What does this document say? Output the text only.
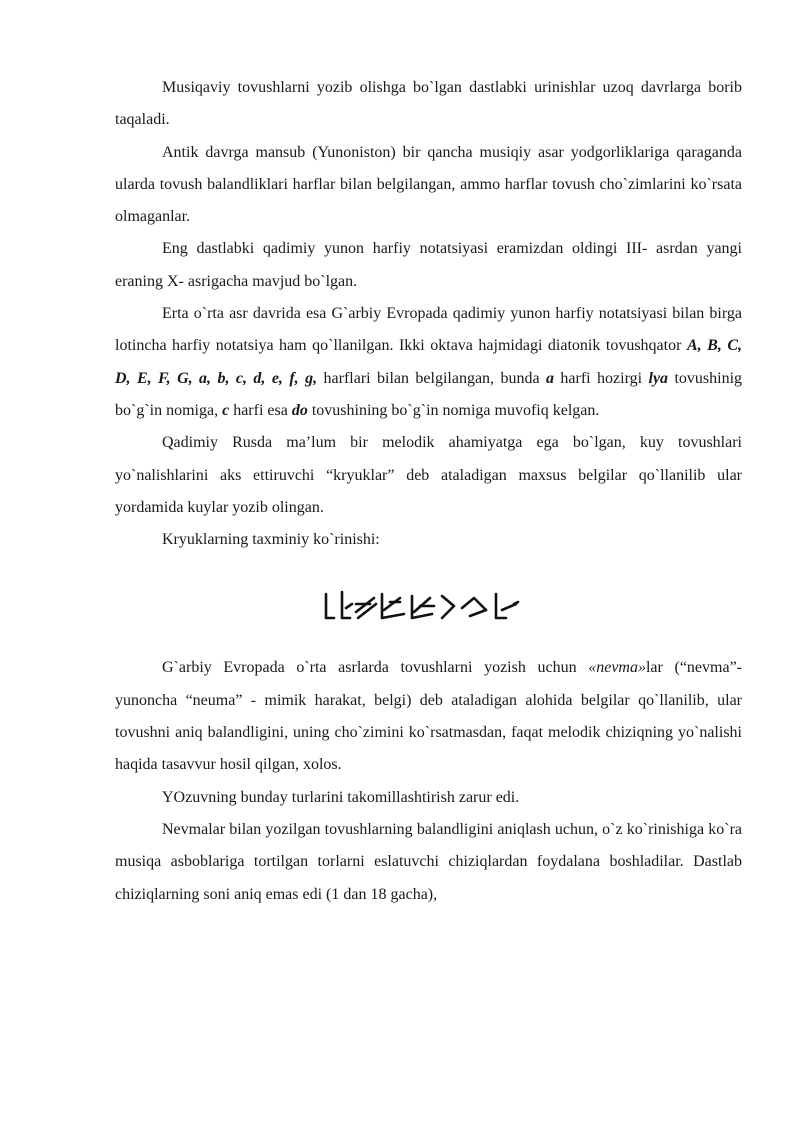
Musiqaviy tovushlarni yozib olishga bo`lgan dastlabki urinishlar uzoq davrlarga borib taqaladi.

Antik davrga mansub (Yunoniston) bir qancha musiqiy asar yodgorliklariga qaraganda ularda tovush balandliklari harflar bilan belgilangan, ammo harflar tovush cho`zimlarini ko`rsata olmaganlar.

Eng dastlabki qadimiy yunon harfiy notatsiyasi eramizdan oldingi III- asrdan yangi eraning X- asrigacha mavjud bo`lgan.

Erta o`rta asr davrida esa G`arbiy Evropada qadimiy yunon harfiy notatsiyasi bilan birga lotincha harfiy notatsiya ham qo`llanilgan. Ikki oktava hajmidagi diatonik tovushqator A, B, C, D, E, F, G, a, b, c, d, e, f, g, harflari bilan belgilangan, bunda a harfi hozirgi lya tovushinig bo`g`in nomiga, c harfi esa do tovushining bo`g`in nomiga muvofiq kelgan.

Qadimiy Rusda ma’lum bir melodik ahamiyatga ega bo`lgan, kuy tovushlari yo`nalishlarini aks ettiruvchi “kryuklar” deb ataladigan maxsus belgilar qo`llanilib ular yordamida kuylar yozib olingan.

Kryuklarning taxminiy ko`rinishi:

G`arbiy Evropada o`rta asrlarda tovushlarni yozish uchun «nevma»lar (“nevma”-yunoncha “neuma” - mimik harakat, belgi) deb ataladigan alohida belgilar qo`llanilib, ular tovushni aniq balandligini, uning cho`zimini ko`rsatmasdan, faqat melodik chiziqning yo`nalishi haqida tasavvur hosil qilgan, xolos.

YOzuvning bunday turlarini takomillashtirish zarur edi.

Nevmalar bilan yozilgan tovushlarning balandligini aniqlash uchun, o`z ko`rinishiga ko`ra musiqa asboblariga tortilgan torlarni eslatuvchi chiziqlardan foydalana boshladilar. Dastlab chiziqlarning soni aniq emas edi (1 dan 18 gacha),
